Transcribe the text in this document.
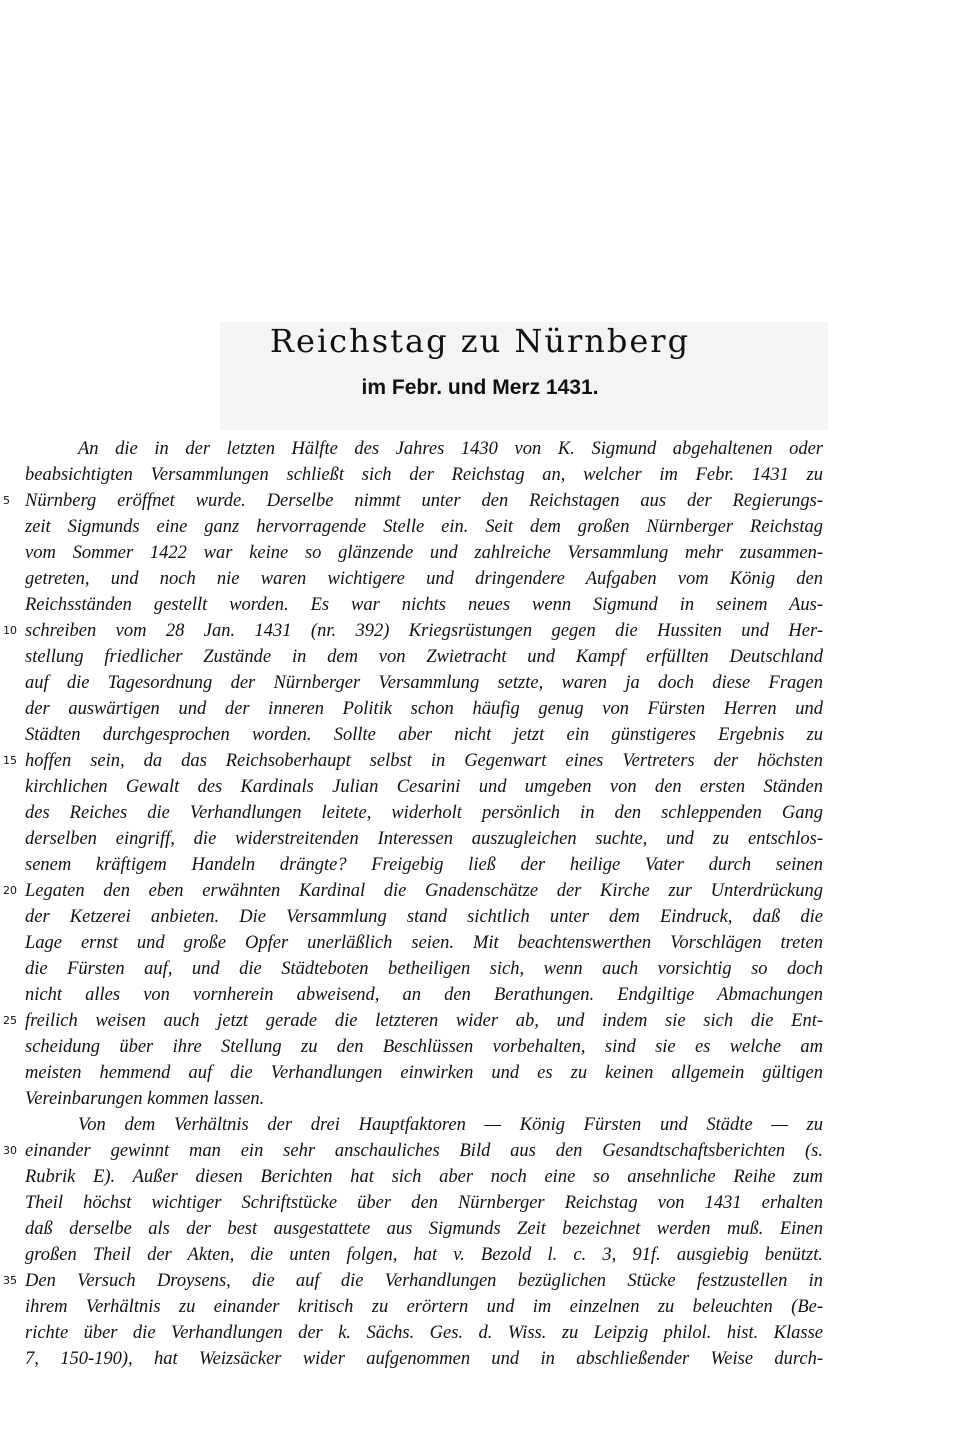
Reichstag zu Nürnberg
im Febr. und Merz 1431.
An die in der letzten Hälfte des Jahres 1430 von K. Sigmund abgehaltenen oder
beabsichtigten Versammlungen schließt sich der Reichstag an, welcher im Febr. 1431 zu
Nürnberg eröffnet wurde. Derselbe nimmt unter den Reichstagen aus der Regierungs-
zeit Sigmunds eine ganz hervorragende Stelle ein. Seit dem großen Nürnberger Reichstag
vom Sommer 1422 war keine so glänzende und zahlreiche Versammlung mehr zusammen-
getreten, und noch nie waren wichtigere und dringendere Aufgaben vom König den
Reichsständen gestellt worden. Es war nichts neues wenn Sigmund in seinem Aus-
schreiben vom 28 Jan. 1431 (nr. 392) Kriegsrüstungen gegen die Hussiten und Her-
stellung friedlicher Zustände in dem von Zwietracht und Kampf erfüllten Deutschland
auf die Tagesordnung der Nürnberger Versammlung setzte, waren ja doch diese Fragen
der auswärtigen und der inneren Politik schon häufig genug von Fürsten Herren und
Städten durchgesprochen worden. Sollte aber nicht jetzt ein günstigeres Ergebnis zu
hoffen sein, da das Reichsoberhaupt selbst in Gegenwart eines Vertreters der höchsten
kirchlichen Gewalt des Kardinals Julian Cesarini und umgeben von den ersten Ständen
des Reiches die Verhandlungen leitete, widerholt persönlich in den schleppenden Gang
derselben eingriff, die widerstreitenden Interessen auszugleichen suchte, und zu entschlos-
senem kräftigem Handeln drängte? Freigebig ließ der heilige Vater durch seinen
Legaten den eben erwähnten Kardinal die Gnadenschätze der Kirche zur Unterdrückung
der Ketzerei anbieten. Die Versammlung stand sichtlich unter dem Eindruck, daß die
Lage ernst und große Opfer unerläßlich seien. Mit beachtenswerthen Vorschlägen treten
die Fürsten auf, und die Städteboten betheiligen sich, wenn auch vorsichtig so doch
nicht alles von vornherein abweisend, an den Berathungen. Endgiltige Abmachungen
freilich weisen auch jetzt gerade die letzteren wider ab, und indem sie sich die Ent-
scheidung über ihre Stellung zu den Beschlüssen vorbehalten, sind sie es welche am
meisten hemmend auf die Verhandlungen einwirken und es zu keinen allgemein gültigen
Vereinbarungen kommen lassen.
Von dem Verhältnis der drei Hauptfaktoren — König Fürsten und Städte — zu
einander gewinnt man ein sehr anschauliches Bild aus den Gesandtschaftsberichten (s.
Rubrik E). Außer diesen Berichten hat sich aber noch eine so ansehnliche Reihe zum
Theil höchst wichtiger Schriftstücke über den Nürnberger Reichstag von 1431 erhalten
daß derselbe als der best ausgestattete aus Sigmunds Zeit bezeichnet werden muß. Einen
großen Theil der Akten, die unten folgen, hat v. Bezold l. c. 3, 91f. ausgiebig benützt.
Den Versuch Droysens, die auf die Verhandlungen bezüglichen Stücke festzustellen in
ihrem Verhältnis zu einander kritisch zu erörtern und im einzelnen zu beleuchten (Be-
richte über die Verhandlungen der k. Sächs. Ges. d. Wiss. zu Leipzig philol. hist. Klasse
7, 150-190), hat Weizsäcker wider aufgenommen und in abschließender Weise durch-
5
10
15
20
25
30
35
